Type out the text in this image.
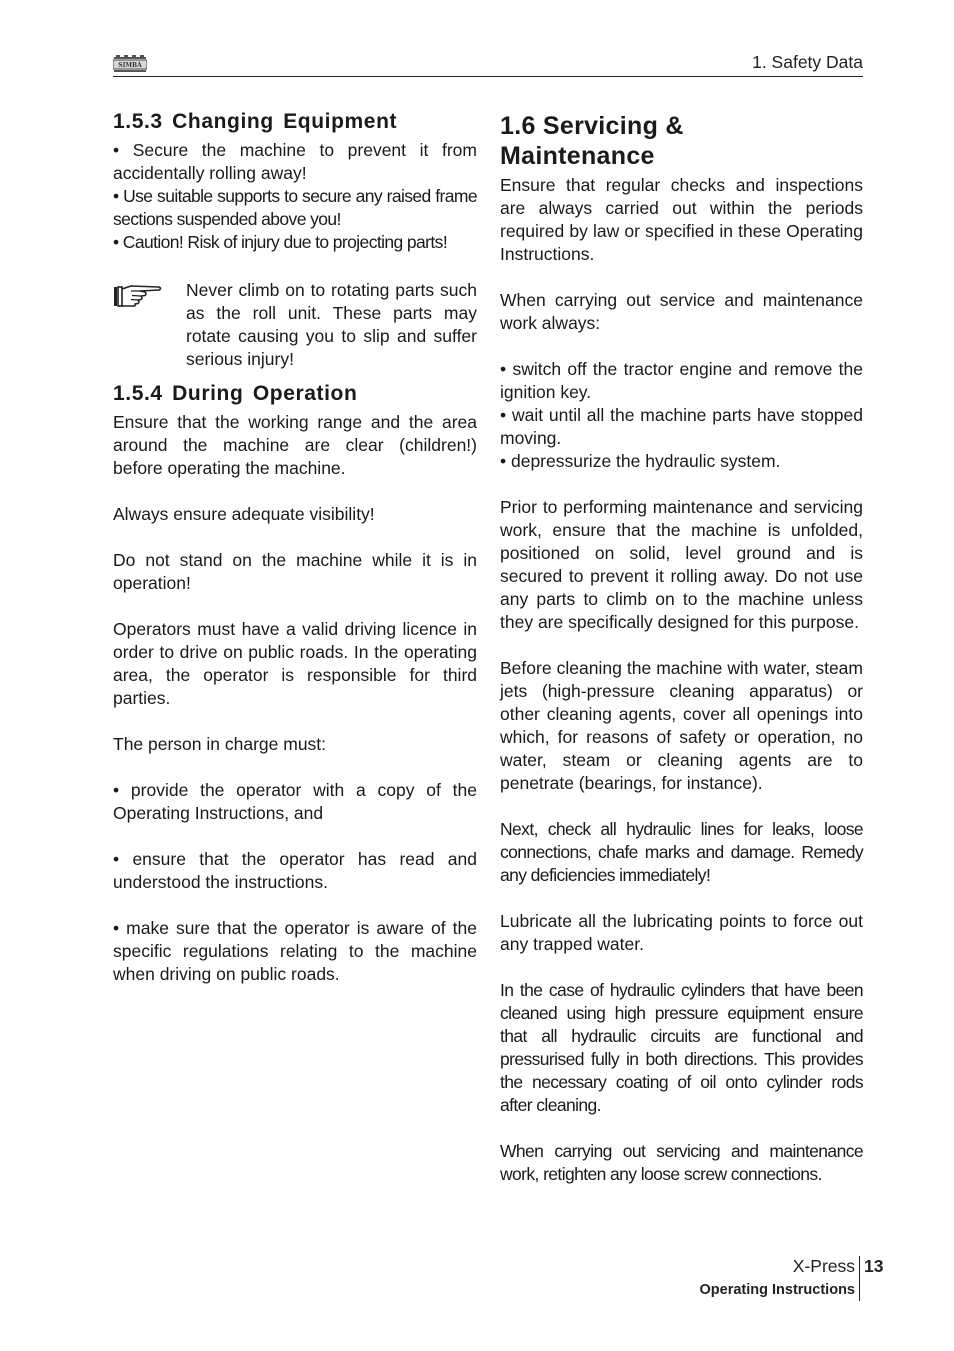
SIMBA	1. Safety Data
1.5.3 Changing Equipment

• Secure the machine to prevent it from accidentally rolling away!

• Use suitable supports to secure any raised frame sections suspended above you!

• Caution! Risk of injury due to projecting parts!

Never climb on to rotating parts such as the roll unit. These parts may rotate causing you to slip and suffer serious injury!

1.5.4 During Operation

Ensure that the working range and the area around the machine are clear (children!) before operating the machine.

Always ensure adequate visibility!

Do not stand on the machine while it is in operation!

Operators must have a valid driving licence in order to drive on public roads. In the operating area, the operator is responsible for third parties.

The person in charge must:

• provide the operator with a copy of the Operating Instructions, and

• ensure that the operator has read and understood the instructions.

• make sure that the operator is aware of the specific regulations relating to the machine when driving on public roads.

1.6 Servicing &
Maintenance

Ensure that regular checks and inspections are always carried out within the periods required by law or specified in these Operating Instructions.

When carrying out service and maintenance work always:

• switch off the tractor engine and remove the ignition key.

• wait until all the machine parts have stopped moving.

• depressurize the hydraulic system.

Prior to performing maintenance and servicing work, ensure that the machine is unfolded, positioned on solid, level ground and is secured to prevent it rolling away. Do not use any parts to climb on to the machine unless they are specifically designed for this purpose.

Before cleaning the machine with water, steam jets (high-pressure cleaning apparatus) or other cleaning agents, cover all openings into which, for reasons of safety or operation, no water, steam or cleaning agents are to penetrate (bearings, for instance).

Next, check all hydraulic lines for leaks, loose connections, chafe marks and damage. Remedy any deficiencies immediately!

Lubricate all the lubricating points to force out any trapped water.

In the case of hydraulic cylinders that have been cleaned using high pressure equipment ensure that all hydraulic circuits are functional and pressurised fully in both directions. This provides the necessary coating of oil onto cylinder rods after cleaning.

When carrying out servicing and maintenance work, retighten any loose screw connections.

X-Press 13
Operating Instructions
